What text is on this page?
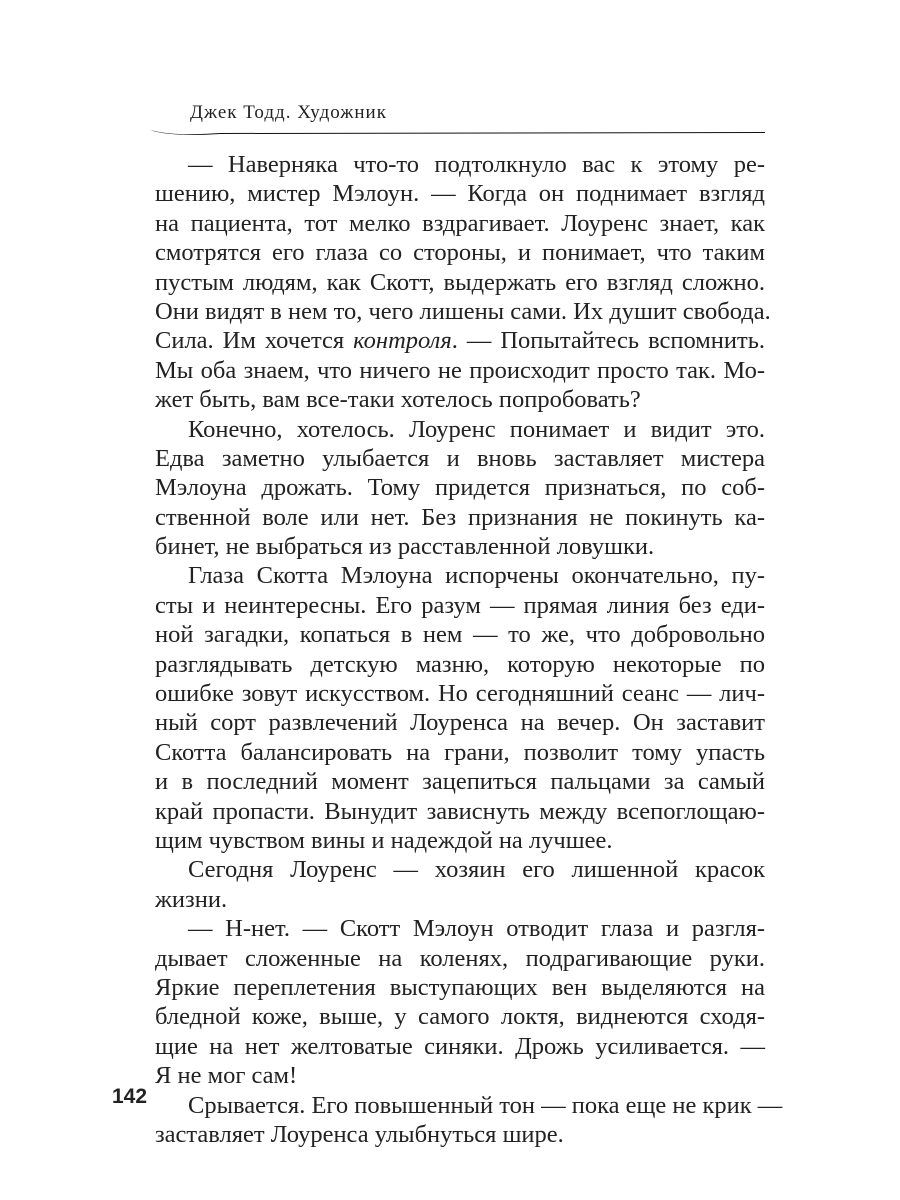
Джек Тодд. Художник
— Наверняка что-то подтолкнуло вас к этому ре-
шению, мистер Мэлоун. — Когда он поднимает взгляд
на пациента, тот мелко вздрагивает. Лоуренс знает, как
смотрятся его глаза со стороны, и понимает, что таким
пустым людям, как Скотт, выдержать его взгляд сложно.
Они видят в нем то, чего лишены сами. Их душит свобода.
Сила. Им хочется контроля. — Попытайтесь вспомнить.
Мы оба знаем, что ничего не происходит просто так. Мо-
жет быть, вам все-таки хотелось попробовать?
Конечно, хотелось. Лоуренс понимает и видит это.
Едва заметно улыбается и вновь заставляет мистера
Мэлоуна дрожать. Тому придется признаться, по соб-
ственной воле или нет. Без признания не покинуть ка-
бинет, не выбраться из расставленной ловушки.
Глаза Скотта Мэлоуна испорчены окончательно, пу-
сты и неинтересны. Его разум — прямая линия без еди-
ной загадки, копаться в нем — то же, что добровольно
разглядывать детскую мазню, которую некоторые по
ошибке зовут искусством. Но сегодняшний сеанс — лич-
ный сорт развлечений Лоуренса на вечер. Он заставит
Скотта балансировать на грани, позволит тому упасть
и в последний момент зацепиться пальцами за самый
край пропасти. Вынудит зависнуть между всепоглощаю-
щим чувством вины и надеждой на лучшее.
Сегодня Лоуренс — хозяин его лишенной красок
жизни.
— Н-нет. — Скотт Мэлоун отводит глаза и разгля-
дывает сложенные на коленях, подрагивающие руки.
Яркие переплетения выступающих вен выделяются на
бледной коже, выше, у самого локтя, виднеются сходя-
щие на нет желтоватые синяки. Дрожь усиливается. —
Я не мог сам!
Срывается. Его повышенный тон — пока еще не крик —
заставляет Лоуренса улыбнуться шире.
142
